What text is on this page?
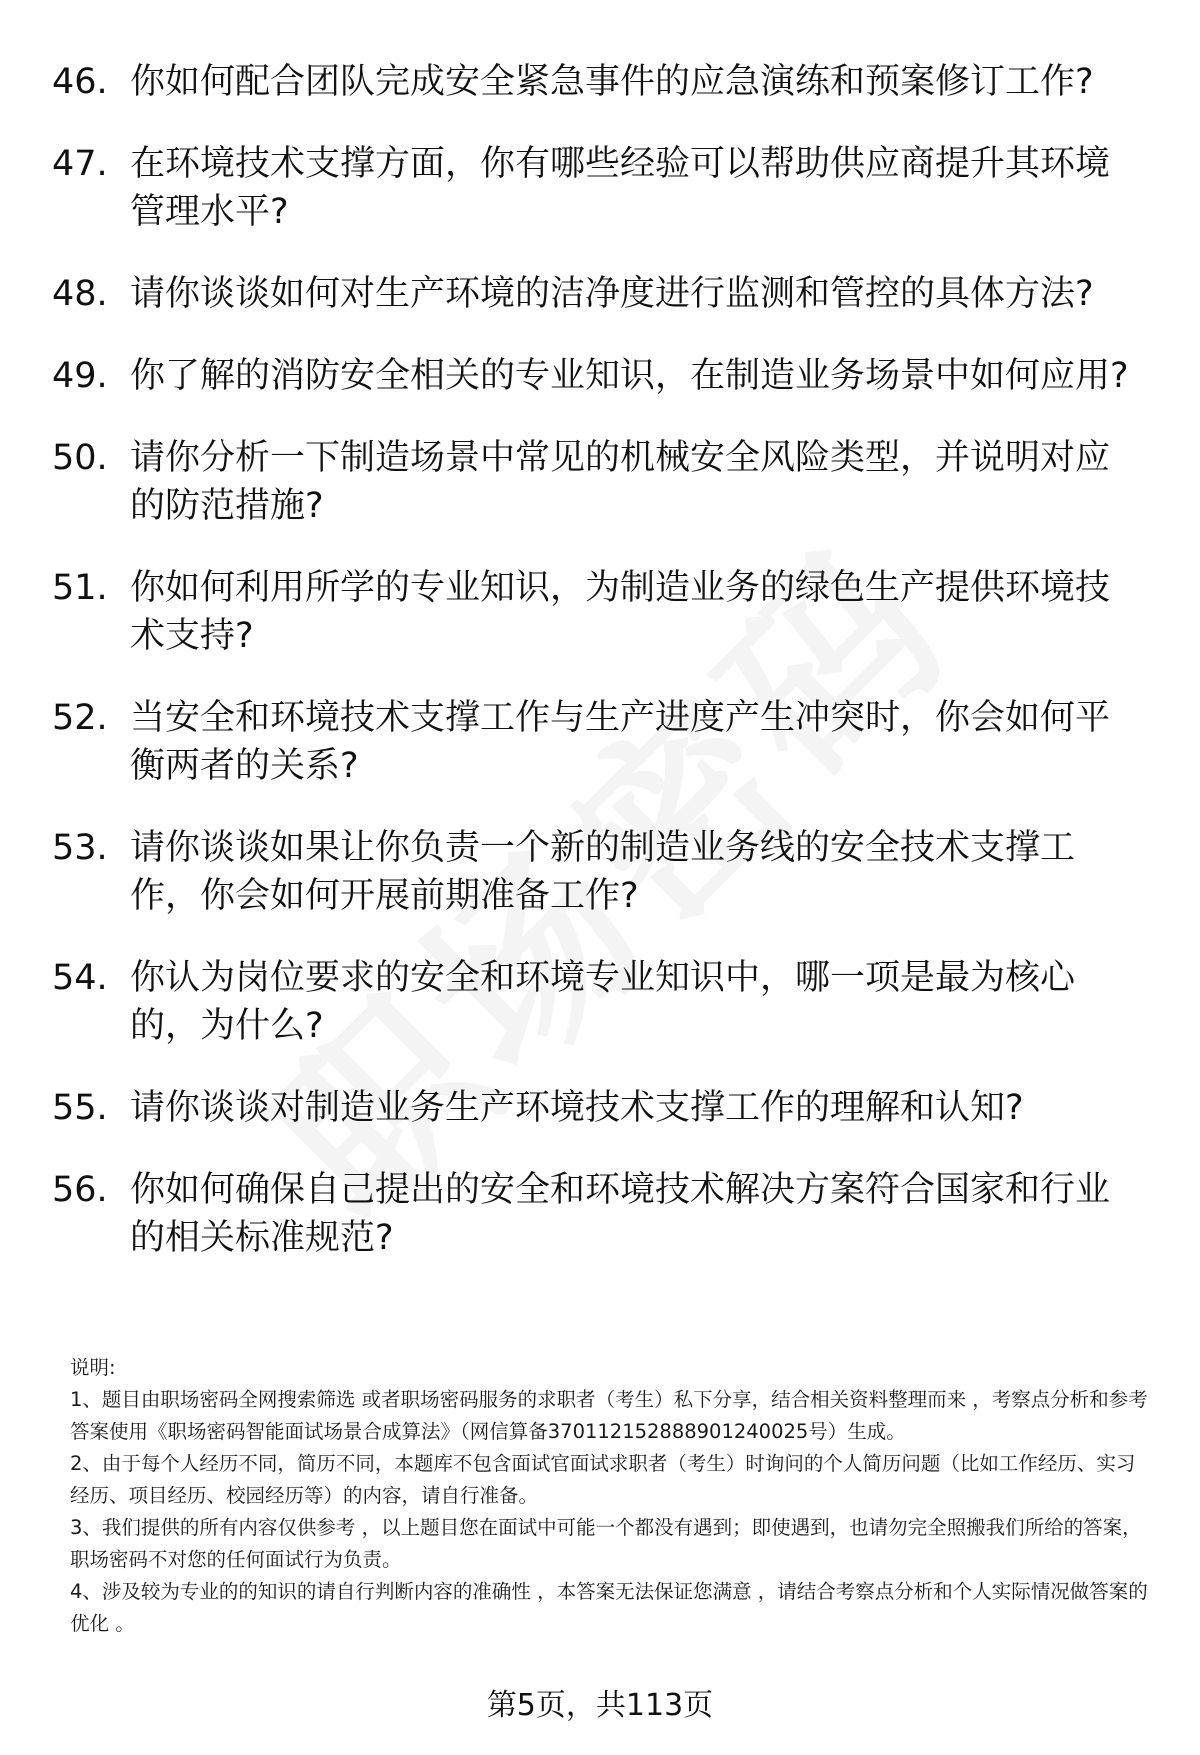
46. 你如何配合团队完成安全紧急事件的应急演练和预案修订工作?
47. 在环境技术支撑方面，你有哪些经验可以帮助供应商提升其环境管理水平?
48. 请你谈谈如何对生产环境的洁净度进行监测和管控的具体方法?
49. 你了解的消防安全相关的专业知识，在制造业务场景中如何应用?
50. 请你分析一下制造场景中常见的机械安全风险类型，并说明对应的防范措施?
51. 你如何利用所学的专业知识，为制造业务的绿色生产提供环境技术支持?
52. 当安全和环境技术支撑工作与生产进度产生冲突时，你会如何平衡两者的关系?
53. 请你谈谈如果让你负责一个新的制造业务线的安全技术支撑工作，你会如何开展前期准备工作?
54. 你认为岗位要求的安全和环境专业知识中，哪一项是最为核心的，为什么?
55. 请你谈谈对制造业务生产环境技术支撑工作的理解和认知?
56. 你如何确保自己提出的安全和环境技术解决方案符合国家和行业的相关标准规范?

说明:

1、题目由职场密码全网搜索筛选 或者职场密码服务的求职者（考生）私下分享，结合相关资料整理而来 ，考察点分析和参考答案使用《职场密码智能面试场景合成算法》（网信算备370112152888901240025号）生成。

2、由于每个人经历不同，简历不同，本题库不包含面试官面试求职者（考生）时询问的个人简历问题（比如工作经历、实习经历、项目经历、校园经历等）的内容，请自行准备。

3、我们提供的所有内容仅供参考 ，以上题目您在面试中可能一个都没有遇到；即使遇到，也请勿完全照搬我们所给的答案，职场密码不对您的任何面试行为负责。

4、涉及较为专业的的知识的请自行判断内容的准确性 ，本答案无法保证您满意 ，请结合考察点分析和个人实际情况做答案的优化 。

第5页，共113页
